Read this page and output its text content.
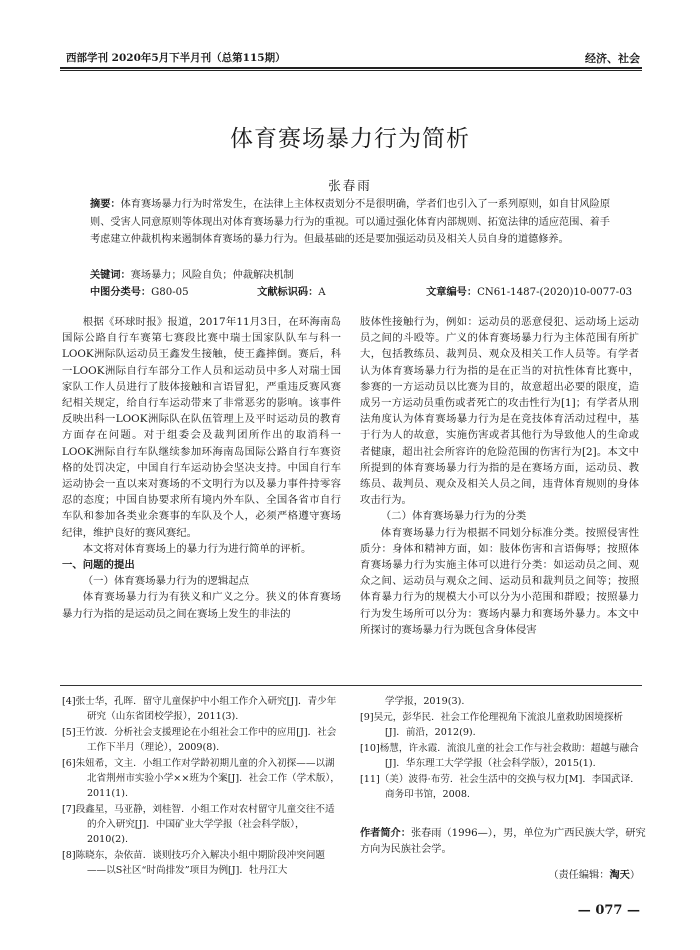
西部学刊 2020年5月下半月刊（总第115期）	经济、社会
体育赛场暴力行为简析
张春雨
摘要：体育赛场暴力行为时常发生，在法律上主体权责划分不是很明确，学者们也引入了一系列原则，如自甘风险原则、受害人同意原则等体现出对体育赛场暴力行为的重视。可以通过强化体育内部规则、拓宽法律的适应范围、着手考虑建立仲裁机构来遏制体育赛场的暴力行为。但最基础的还是要加强运动员及相关人员自身的道德修养。
关键词：赛场暴力；风险自负；仲裁解决机制
中图分类号：G80-05	文献标识码：A	文章编号：CN61-1487-(2020)10-0077-03

根据《环球时报》报道，2017年11月3日，在环海南岛国际公路自行车赛第七赛段比赛中瑞士国家队队车与科一LOOK洲际队运动员王鑫发生接触，使王鑫摔倒。赛后，科一LOOK洲际自行车部分工作人员和运动员中多人对瑞士国家队工作人员进行了肢体接触和言语冒犯，严重违反赛风赛纪相关规定，给自行车运动带来了非常恶劣的影响。该事件反映出科一LOOK洲际队在队伍管理上及平时运动员的教育方面存在问题。对于组委会及裁判团所作出的取消科一LOOK洲际自行车队继续参加环海南岛国际公路自行车赛资格的处罚决定，中国自行车运动协会坚决支持。中国自行车运动协会一直以来对赛场的不文明行为以及暴力事件持零容忍的态度；中国自协要求所有境内外车队、全国各省市自行车队和参加各类业余赛事的车队及个人，必须严格遵守赛场纪律，维护良好的赛风赛纪。

本文将对体育赛场上的暴力行为进行简单的评析。

一、问题的提出

（一）体育赛场暴力行为的逻辑起点

体育赛场暴力行为有狭义和广义之分。狭义的体育赛场暴力行为指的是运动员之间在赛场上发生的非法的

肢体性接触行为，例如：运动员的恶意侵犯、运动场上运动员之间的斗殴等。广义的体育赛场暴力行为主体范围有所扩大，包括教练员、裁判员、观众及相关工作人员等。有学者认为体育赛场暴力行为指的是在正当的对抗性体育比赛中，参赛的一方运动员以比赛为目的，故意超出必要的限度，造成另一方运动员重伤或者死亡的攻击性行为[1]；有学者从刑法角度认为体育赛场暴力行为是在竞技体育活动过程中，基于行为人的故意，实施伤害或者其他行为导致他人的生命或者健康，超出社会所容许的危险范围的伤害行为[2]。本文中所提到的体育赛场暴力行为指的是在赛场方面，运动员、教练员、裁判员、观众及相关人员之间，违背体育规则的身体攻击行为。

（二）体育赛场暴力行为的分类

体育赛场暴力行为根据不同划分标准分类。按照侵害性质分：身体和精神方面，如：肢体伤害和言语侮辱；按照体育赛场暴力行为实施主体可以进行分类：如运动员之间、观众之间、运动员与观众之间、运动员和裁判员之间等；按照体育暴力行为的规模大小可以分为小范围和群殴；按照暴力行为发生场所可以分为：赛场内暴力和赛场外暴力。本文中所探讨的赛场暴力行为既包含身体侵害

[4]张士华，孔晖．留守儿童保护中小组工作介入研究[J]．青少年研究（山东省团校学报），2011(3).

[5]王竹波．分析社会支援理论在小组社会工作中的应用[J]．社会工作下半月（理论），2009(8).

[6]朱妞希，文主．小组工作对学龄初期儿童的介入初探——以湖北省荆州市实验小学××班为个案[J]．社会工作（学术版），2011(1).

[7]段鑫星，马亚静，刘桂智．小组工作对农村留守儿童交往不适的介入研究[J]．中国矿业大学学报（社会科学版），2010(2).

[8]陈晓东，杂依苗．谈则技巧介入解决小组中期阶段冲突问题——以S社区“时尚排发”项目为例[J]．牡丹江大

学学报，2019(3).

[9]吴元，彭华民．社会工作伦理视角下流浪儿童救助困境探析[J]．前沿，2012(9).

[10]杨慧，许永霞．流浪儿童的社会工作与社会救助：超越与融合[J]．华东理工大学学报（社会科学版），2015(1).

[11]（美）波得·布劳．社会生活中的交换与权力[M]．李国武译．商务印书馆，2008.

作者简介：张春雨（1996—），男，单位为广西民族大学，研究方向为民族社会学。
（责任编辑：淘天）
— 077 —
